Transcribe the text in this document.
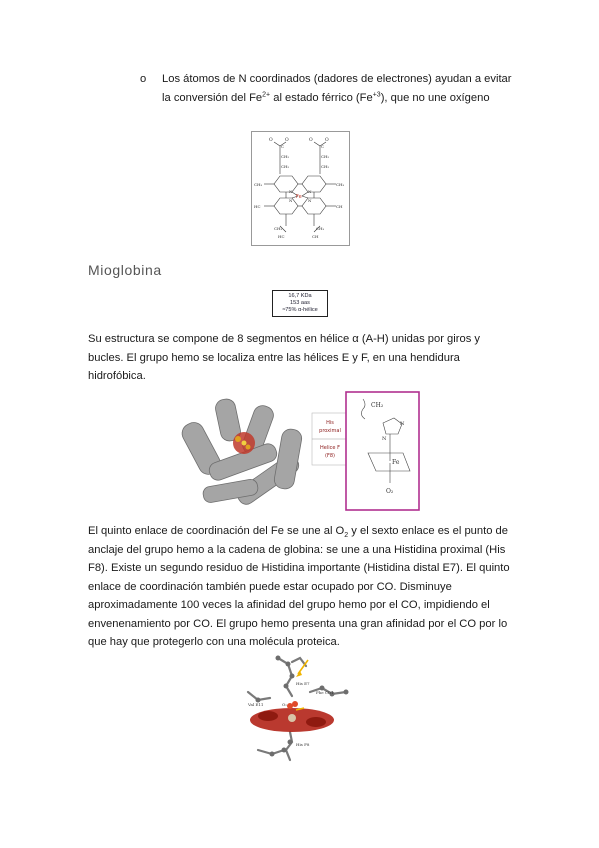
o Los átomos de N coordinados (dadores de electrones) ayudan a evitar la conversión del $Fe^{2+}$ al estado férrico $(Fe^{+3})$, que no une oxígeno
O	O	O	O
C	C
CH₂	CH₂
CH₂	CH₂
CH₃	CH₃
HC	CH
N	N
N	N
Fe
CH₃	CH₃
HC	CH
Mioglobina
16,7 KDa
153 aas
≈75% α-hélice
Su estructura se compone de 8 segmentos en hélice α (A-H) unidas por giros y bucles. El grupo hemo se localiza entre las hélices E y F, en una hendidura hidrofóbica.
His
proximal
Helice F
(F8)
CH₂
N
N
Fe
O₂
El quinto enlace de coordinación del Fe se une al $O_2$ y el sexto enlace es el punto de anclaje del grupo hemo a la cadena de globina: se une a una Histidina proximal (His F8). Existe un segundo residuo de Histidina importante (Histidina distal E7). El quinto enlace de coordinación también puede estar ocupado por CO. Disminuye aproximadamente 100 veces la afinidad del grupo hemo por el CO, impidiendo el envenenamiento por CO. El grupo hemo presenta una gran afinidad por el CO por lo que hay que protegerlo con una molécula proteica.
His E7
Phe CD1
Val E11	O₂
His F8
